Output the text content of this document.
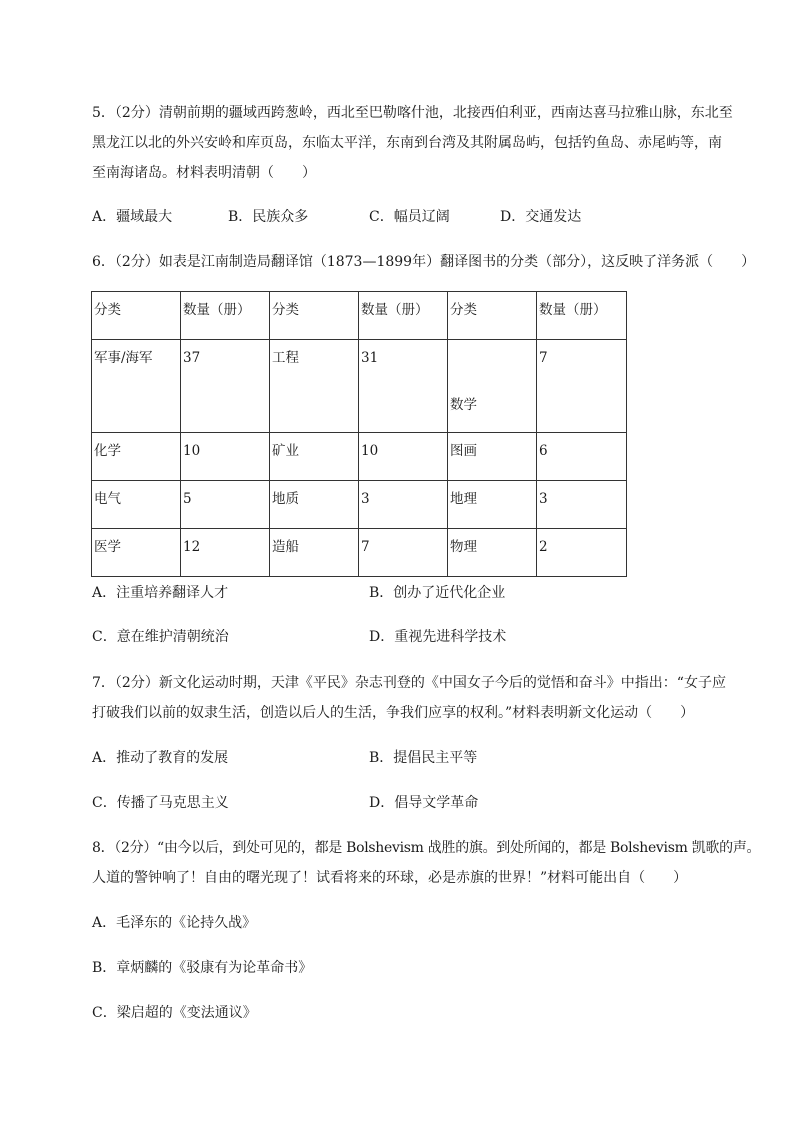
5．（2分）清朝前期的疆域西跨葱岭，西北至巴勒喀什池，北接西伯利亚，西南达喜马拉雅山脉，东北至
黑龙江以北的外兴安岭和库页岛，东临太平洋，东南到台湾及其附属岛屿，包括钓鱼岛、赤尾屿等，南
至南海诸岛。材料表明清朝（　　）
A．疆域最大	B．民族众多	C．幅员辽阔	D．交通发达
6．（2分）如表是江南制造局翻译馆（1873—1899年）翻译图书的分类（部分），这反映了洋务派（　　）
分类	数量（册）	分类	数量（册）	分类	数量（册）
军事/海军	37	工程	31	数学	7
化学	10	矿业	10	图画	6
电气	5	地质	3	地理	3
医学	12	造船	7	物理	2
A．注重培养翻译人才	B．创办了近代化企业
C．意在维护清朝统治	D．重视先进科学技术
7．（2分）新文化运动时期，天津《平民》杂志刊登的《中国女子今后的觉悟和奋斗》中指出：“女子应
打破我们以前的奴隶生活，创造以后人的生活，争我们应享的权利。”材料表明新文化运动（　　）
A．推动了教育的发展	B．提倡民主平等
C．传播了马克思主义	D．倡导文学革命
8．（2分）“由今以后，到处可见的，都是 Bolshevism 战胜的旗。到处所闻的，都是 Bolshevism 凯歌的声。
人道的警钟响了！自由的曙光现了！试看将来的环球，必是赤旗的世界！”材料可能出自（　　）
A．毛泽东的《论持久战》
B．章炳麟的《驳康有为论革命书》
C．梁启超的《变法通议》
